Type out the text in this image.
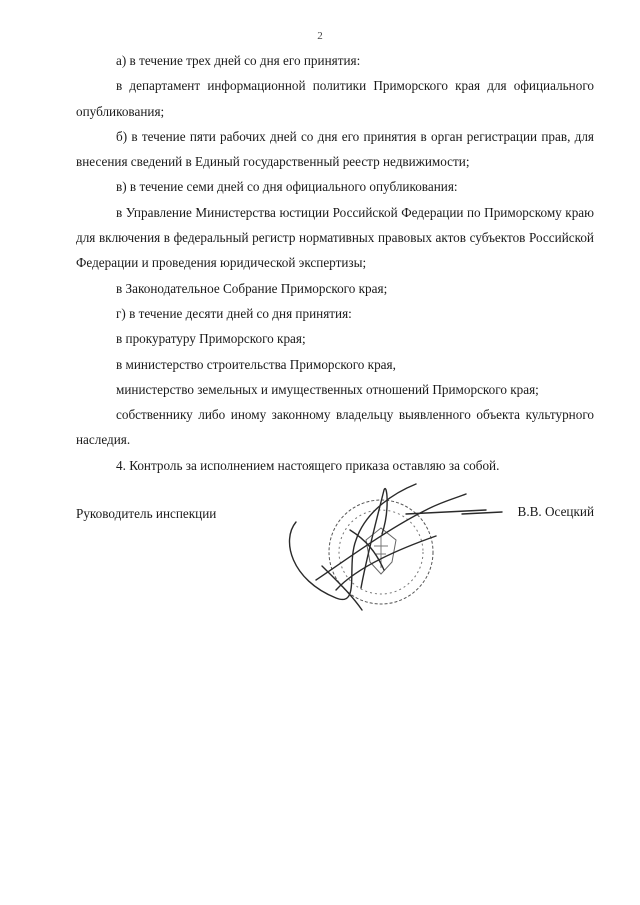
2

а) в течение трех дней со дня его принятия:

в департамент информационной политики Приморского края для официального опубликования;

б) в течение пяти рабочих дней со дня его принятия в орган регистрации прав, для внесения сведений в Единый государственный реестр недвижимости;

в) в течение семи дней со дня официального опубликования:

в Управление Министерства юстиции Российской Федерации по Приморскому краю для включения в федеральный регистр нормативных правовых актов субъектов Российской Федерации и проведения юридической экспертизы;

в Законодательное Собрание Приморского края;

г) в течение десяти дней со дня принятия:

в прокуратуру Приморского края;

в министерство строительства Приморского края,

министерство земельных и имущественных отношений Приморского края;

собственнику либо иному законному владельцу выявленного объекта культурного наследия.

4. Контроль за исполнением настоящего приказа оставляю за собой.

Руководитель инспекции	В.В. Осецкий
